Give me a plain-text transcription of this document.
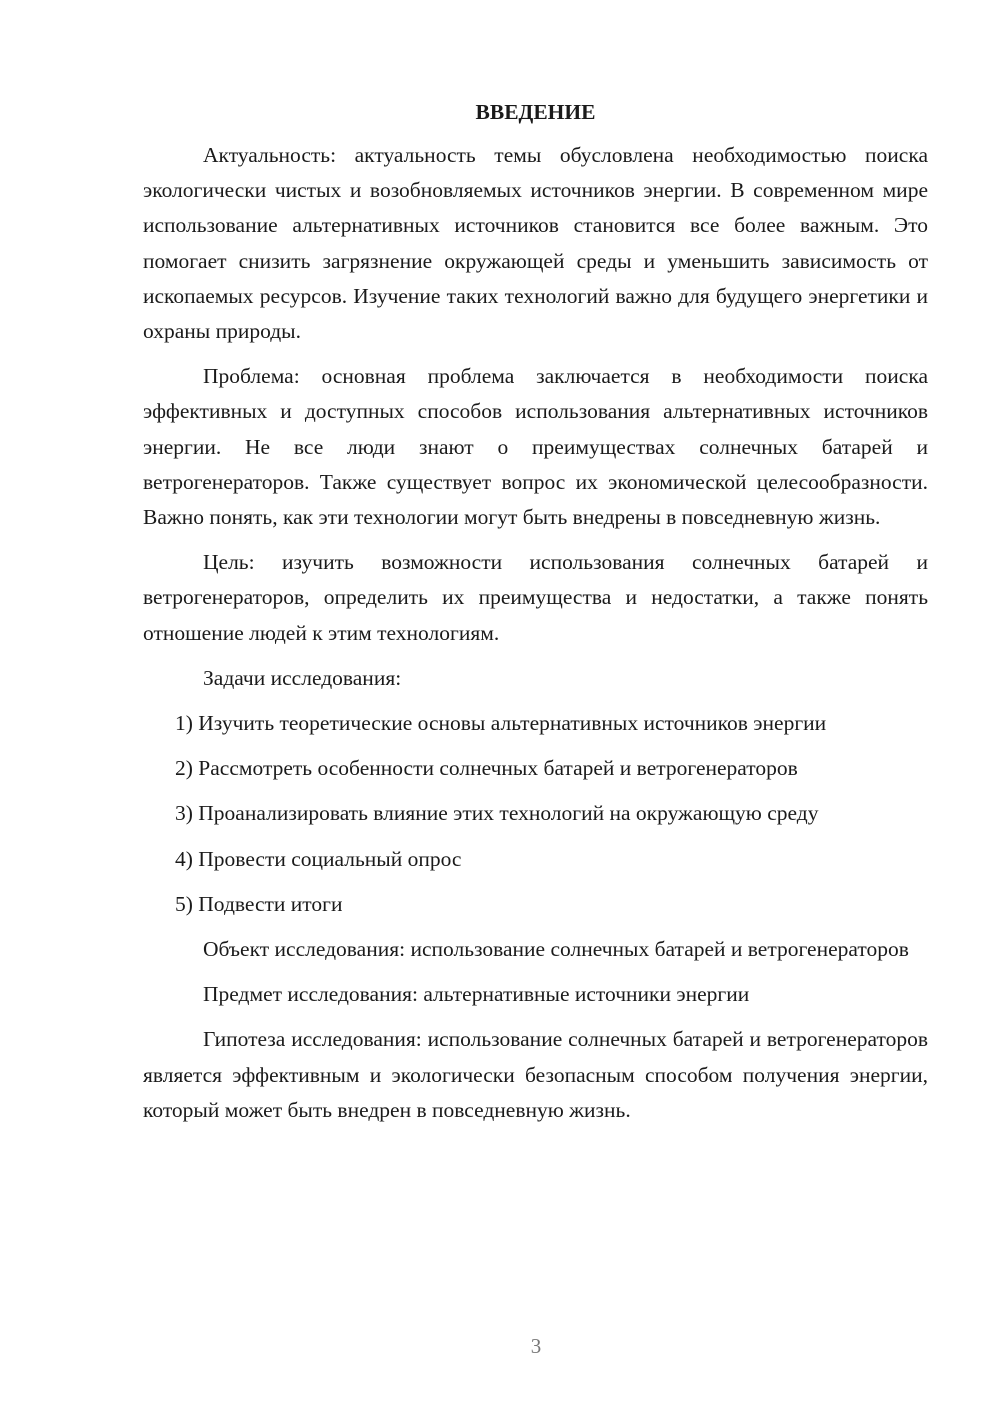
ВВЕДЕНИЕ

Актуальность: актуальность темы обусловлена необходимостью поиска экологически чистых и возобновляемых источников энергии. В современном мире использование альтернативных источников становится все более важным. Это помогает снизить загрязнение окружающей среды и уменьшить зависимость от ископаемых ресурсов. Изучение таких технологий важно для будущего энергетики и охраны природы.

Проблема: основная проблема заключается в необходимости поиска эффективных и доступных способов использования альтернативных источников энергии. Не все люди знают о преимуществах солнечных батарей и ветрогенераторов. Также существует вопрос их экономической целесообразности. Важно понять, как эти технологии могут быть внедрены в повседневную жизнь.

Цель: изучить возможности использования солнечных батарей и ветрогенераторов, определить их преимущества и недостатки, а также понять отношение людей к этим технологиям.

Задачи исследования:

1) Изучить теоретические основы альтернативных источников энергии
2) Рассмотреть особенности солнечных батарей и ветрогенераторов
3) Проанализировать влияние этих технологий на окружающую среду
4) Провести социальный опрос
5) Подвести итоги

Объект исследования: использование солнечных батарей и ветрогенераторов

Предмет исследования: альтернативные источники энергии

Гипотеза исследования: использование солнечных батарей и ветрогенераторов является эффективным и экологически безопасным способом получения энергии, который может быть внедрен в повседневную жизнь.

3
